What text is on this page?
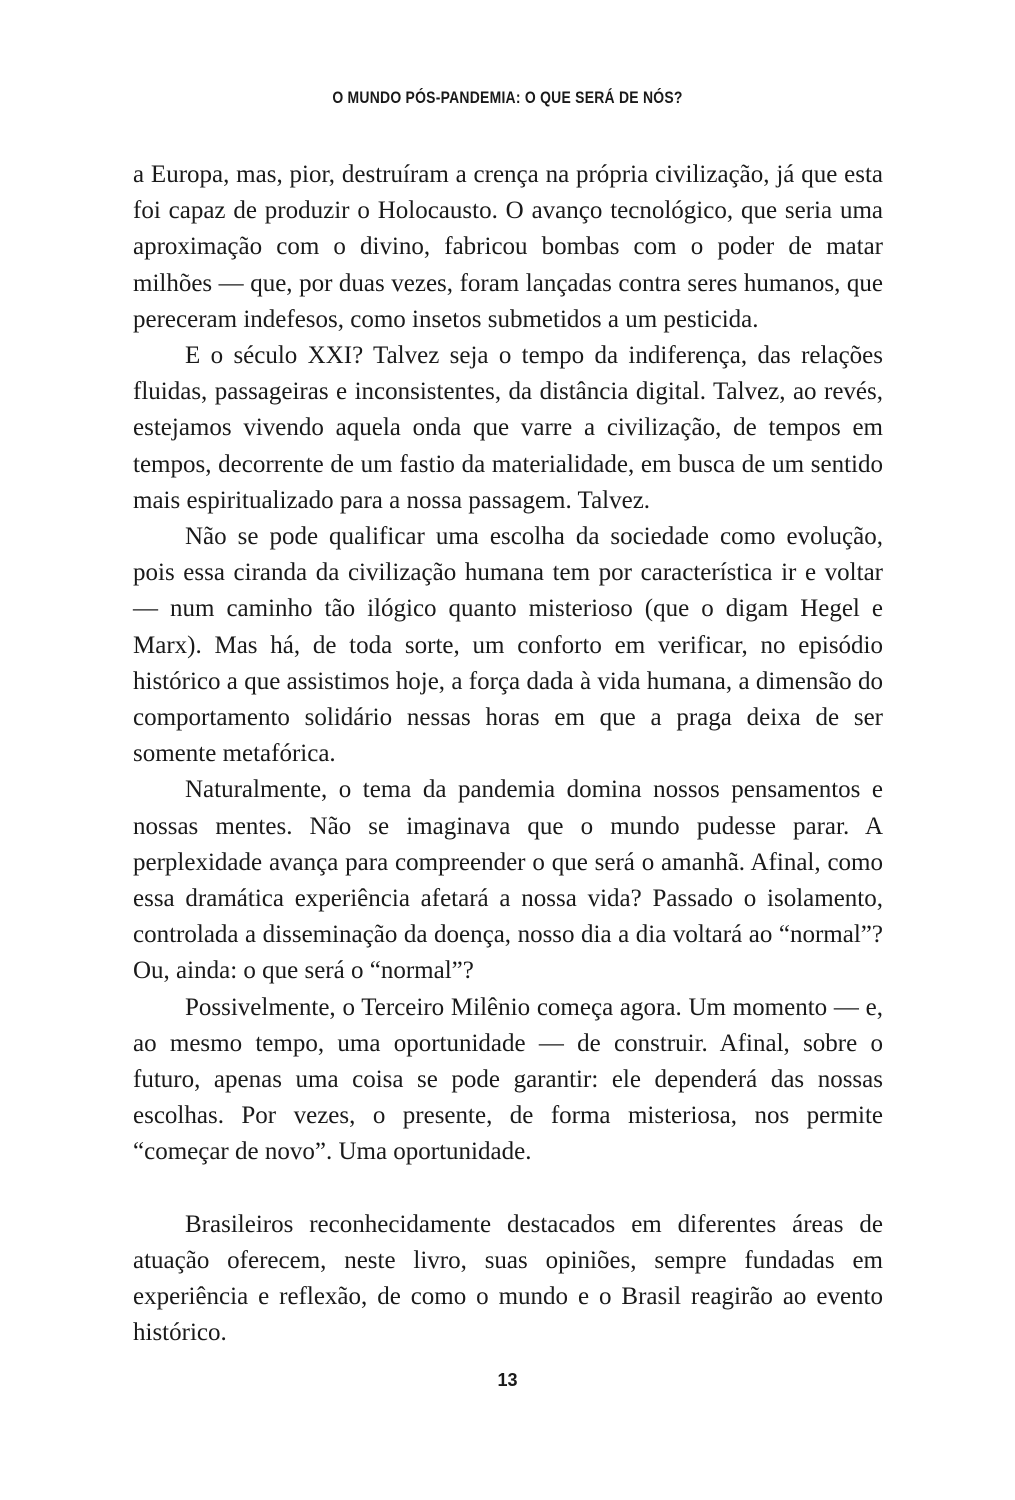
O MUNDO PÓS-PANDEMIA: O QUE SERÁ DE NÓS?

a Europa, mas, pior, destruíram a crença na própria civilização, já que esta foi capaz de produzir o Holocausto. O avanço tecnológico, que seria uma aproximação com o divino, fabricou bombas com o poder de matar milhões — que, por duas vezes, foram lançadas contra seres humanos, que pereceram indefesos, como insetos submetidos a um pesticida.

E o século XXI? Talvez seja o tempo da indiferença, das relações fluidas, passageiras e inconsistentes, da distância digital. Talvez, ao revés, estejamos vivendo aquela onda que varre a civilização, de tempos em tempos, decorrente de um fastio da materialidade, em busca de um sentido mais espiritualizado para a nossa passagem. Talvez.

Não se pode qualificar uma escolha da sociedade como evolução, pois essa ciranda da civilização humana tem por característica ir e voltar — num caminho tão ilógico quanto misterioso (que o digam Hegel e Marx). Mas há, de toda sorte, um conforto em verificar, no episódio histórico a que assistimos hoje, a força dada à vida humana, a dimensão do comportamento solidário nessas horas em que a praga deixa de ser somente metafórica.

Naturalmente, o tema da pandemia domina nossos pensamentos e nossas mentes. Não se imaginava que o mundo pudesse parar. A perplexidade avança para compreender o que será o amanhã. Afinal, como essa dramática experiência afetará a nossa vida? Passado o isolamento, controlada a disseminação da doença, nosso dia a dia voltará ao “normal”? Ou, ainda: o que será o “normal”?

Possivelmente, o Terceiro Milênio começa agora. Um momento — e, ao mesmo tempo, uma oportunidade — de construir. Afinal, sobre o futuro, apenas uma coisa se pode garantir: ele dependerá das nossas escolhas. Por vezes, o presente, de forma misteriosa, nos permite “começar de novo”. Uma oportunidade.

Brasileiros reconhecidamente destacados em diferentes áreas de atuação oferecem, neste livro, suas opiniões, sempre fundadas em experiência e reflexão, de como o mundo e o Brasil reagirão ao evento histórico.

13
